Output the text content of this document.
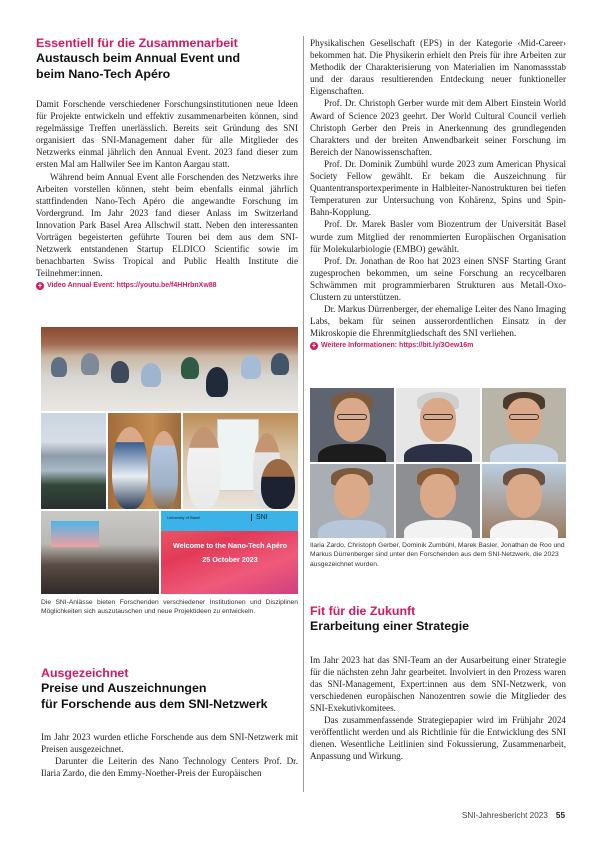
Essentiell für die Zusammenarbeit

Austausch beim Annual Event und
beim Nano-Tech Apéro

Damit Forschende verschiedener Forschungsinstitutionen neue Ideen für Projekte entwickeln und effektiv zusammenarbeiten können, sind regelmässige Treffen unerlässlich. Bereits seit Gründung des SNI organisiert das SNI-Management daher für alle Mitglieder des Netzwerks einmal jährlich den Annual Event. 2023 fand dieser zum ersten Mal am Hallwiler See im Kanton Aargau statt.

Während beim Annual Event alle Forschenden des Netzwerks ihre Arbeiten vorstellen können, steht beim ebenfalls einmal jährlich stattfindenden Nano-Tech Apéro die angewandte Forschung im Vordergrund. Im Jahr 2023 fand dieser Anlass im Switzerland Innovation Park Basel Area Allschwil statt. Neben den interessanten Vorträgen begeisterten geführte Touren bei dem aus dem SNI-Netzwerk entstandenen Startup ELDICO Scientific sowie im benachbarten Swiss Tropical and Public Health Institute die Teilnehmer:innen.

+ Video Annual Event: https://youtu.be/f4HHrbnXw88
University of Basel	SNI
Welcome to the Nano-Tech Apéro
25 October 2023

Die SNI-Anlässe bieten Forschenden verschiedener Institutionen und Disziplinen Möglichkeiten sich auszutauschen und neue Projektideen zu entwickeln.

Ausgezeichnet

Preise und Auszeichnungen
für Forschende aus dem SNI-Netzwerk

Im Jahr 2023 wurden etliche Forschende aus dem SNI-Netzwerk mit Preisen ausgezeichnet.

Darunter die Leiterin des Nano Technology Centers Prof. Dr. Ilaria Zardo, die den Emmy-Noether-Preis der Europäischen

Physikalischen Gesellschaft (EPS) in der Kategorie ‹Mid-Career› bekommen hat. Die Physikerin erhielt den Preis für ihre Arbeiten zur Methodik der Charakterisierung von Materialien im Nanomassstab und der daraus resultierenden Entdeckung neuer funktioneller Eigenschaften.

Prof. Dr. Christoph Gerber wurde mit dem Albert Einstein World Award of Science 2023 geehrt. Der World Cultural Council verlieh Christoph Gerber den Preis in Anerkennung des grundlegenden Charakters und der breiten Anwendbarkeit seiner Forschung im Bereich der Nanowissenschaften.

Prof. Dr. Dominik Zumbühl wurde 2023 zum American Physical Society Fellow gewählt. Er bekam die Auszeichnung für Quantentransportexperimente in Halbleiter-Nanostrukturen bei tiefen Temperaturen zur Untersuchung von Kohärenz, Spins und Spin-Bahn-Kopplung.

Prof. Dr. Marek Basler vom Biozentrum der Universität Basel wurde zum Mitglied der renommierten Europäischen Organisation für Molekularbiologie (EMBO) gewählt.

Prof. Dr. Jonathan de Roo hat 2023 einen SNSF Starting Grant zugesprochen bekommen, um seine Forschung an recycelbaren Schwämmen mit programmierbaren Strukturen aus Metall-Oxo-Clustern zu unterstützen.

Dr. Markus Dürrenberger, der ehemalige Leiter des Nano Imaging Labs, bekam für seinen ausserordentlichen Einsatz in der Mikroskopie die Ehrenmitgliedschaft des SNI verliehen.

+ Weitere Informationen: https://bit.ly/3Oew16m

Ilaria Zardo, Christoph Gerber, Dominik Zumbühl, Marek Basler, Jonathan de Roo und Markus Dürrenberger sind unter den Forschenden aus dem SNI-Netzwerk, die 2023 ausgezeichnet wurden.

Fit für die Zukunft

Erarbeitung einer Strategie

Im Jahr 2023 hat das SNI-Team an der Ausarbeitung einer Strategie für die nächsten zehn Jahr gearbeitet. Involviert in den Prozess waren das SNI-Management, Expert:innen aus dem SNI-Netzwerk, von verschiedenen europäischen Nanozentren sowie die Mitglieder des SNI-Exekutivkomitees.

Das zusammenfassende Strategiepapier wird im Frühjahr 2024 veröffentlicht werden und als Richtlinie für die Entwicklung des SNI dienen. Wesentliche Leitlinien sind Fokussierung, Zusammenarbeit, Anpassung und Wirkung.

SNI-Jahresbericht 2023 55
